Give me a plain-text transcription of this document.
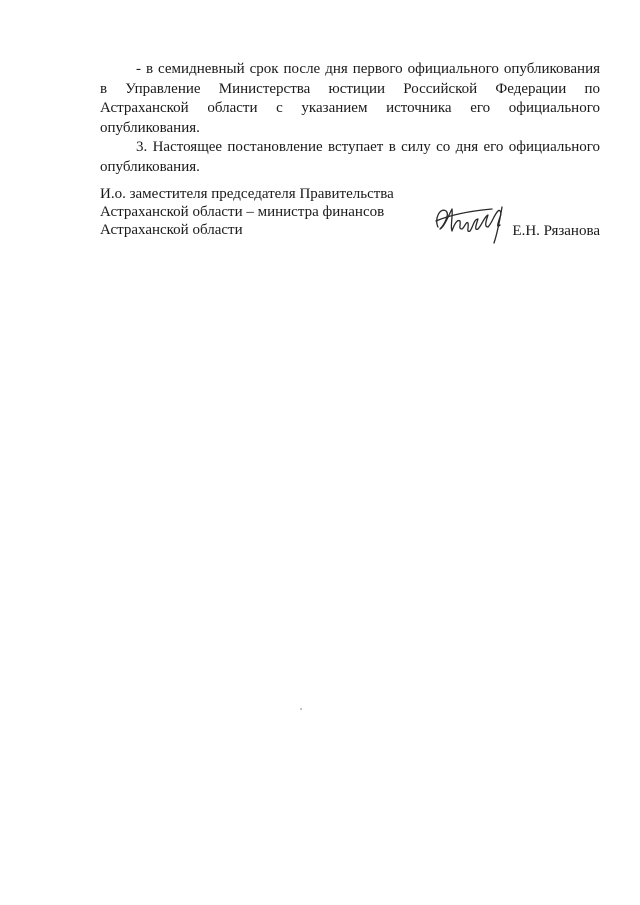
- в семидневный срок после дня первого официального опубликования в Управление Министерства юстиции Российской Федерации по Астраханской области с указанием источника его официального опубликования.

3. Настоящее постановление вступает в силу со дня его официального опубликования.

И.о. заместителя председателя Правительства
Астраханской области – министра финансов
Астраханской области	Е.Н. Рязанова
